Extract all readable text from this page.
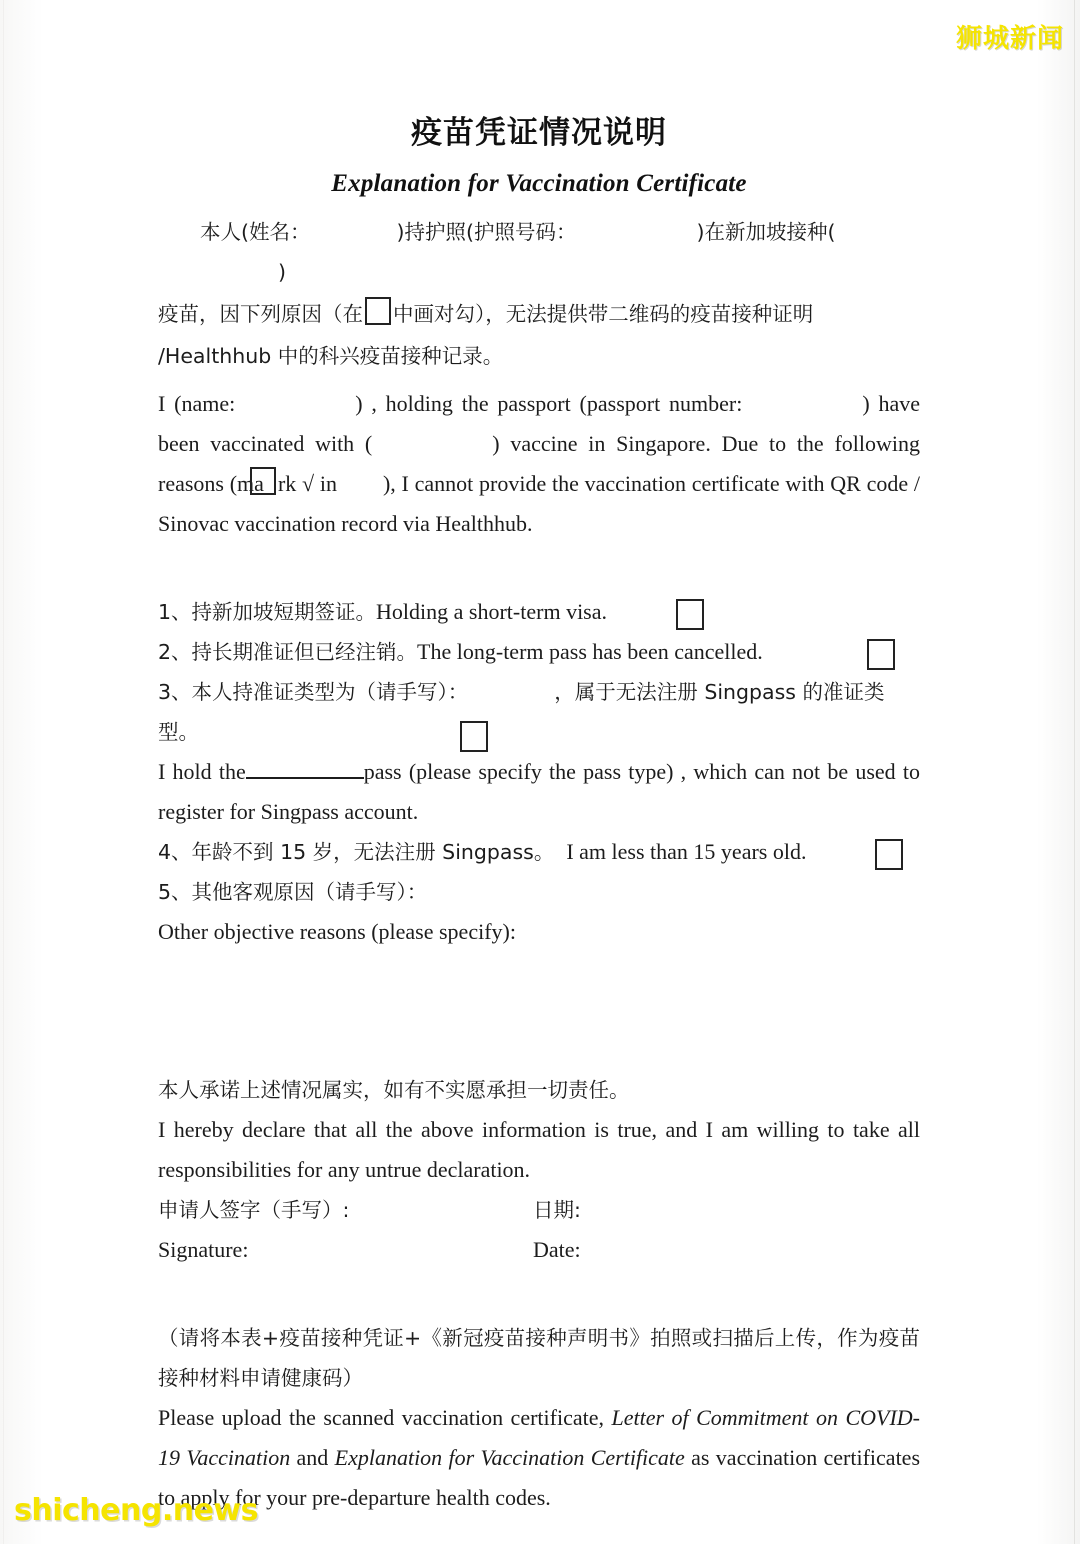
疫苗凭证情况说明
Explanation for Vaccination Certificate
本人(姓名：	)持护照(护照号码：	)在新加坡接种()
疫苗，因下列原因（在 中画对勾），无法提供带二维码的疫苗接种证明
/Healthhub 中的科兴疫苗接种记录。
I (name:	) , holding the passport (passport number:	) have been vaccinated with (	) vaccine in Singapore. Due to the following reasons (ma rk √ in ), I cannot provide the vaccination certificate with QR code / Sinovac vaccination record via Healthhub.
1、持新加坡短期签证。Holding a short-term visa.
2、持长期准证但已经注销。The long-term pass has been cancelled.
3、本人持准证类型为（请手写）：	，属于无法注册 Singpass 的准证类型。
I hold the	pass (please specify the pass type) , which can not be used to register for Singpass account.
4、年龄不到 15 岁，无法注册 Singpass。 I am less than 15 years old.
5、其他客观原因（请手写）：
Other objective reasons (please specify):
本人承诺上述情况属实，如有不实愿承担一切责任。
I hereby declare that all the above information is true, and I am willing to take all responsibilities for any untrue declaration.
申请人签字（手写）:	日期:
Signature:	Date:
（请将本表+疫苗接种凭证+《新冠疫苗接种声明书》拍照或扫描后上传，作为疫苗接种材料申请健康码）
Please upload the scanned vaccination certificate, Letter of Commitment on COVID-19 Vaccination and Explanation for Vaccination Certificate as vaccination certificates to apply for your pre-departure health codes.
狮城新闻
shicheng.news
